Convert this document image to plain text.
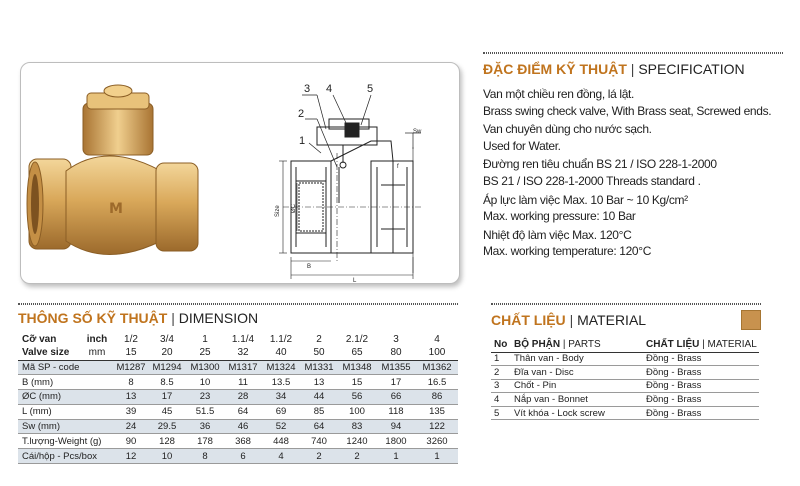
M
3 4	5
2
1
Sw
f
B
L
Size ØC
ĐẶC ĐIỂM KỸ THUẬT | SPECIFICATION
Van một chiều ren đồng, lá lật.
Brass swing check valve, With Brass seat, Screwed ends.
Van chuyên dùng cho nước sạch.
Used for Water.
Đường ren tiêu chuẩn BS 21 / ISO 228-1-2000
BS 21 / ISO 228-1-2000 Threads standard .
Áp lực làm việc Max. 10 Bar ~ 10 Kg/cm²
Max. working pressure: 10 Bar
Nhiệt độ làm việc Max. 120°C
Max. working temperature: 120°C
THÔNG SỐ KỸ THUẬT | DIMENSION
Cỡ van	inch	1/2	3/4	1	1.1/4	1.1/2	2	2.1/2	3	4
Valve size	mm	15	20	25	32	40	50	65	80	100
Mã SP - code		M1287	M1294	M1300	M1317	M1324	M1331	M1348	M1355	M1362
B (mm)		8	8.5	10	11	13.5	13	15	17	16.5
ØC (mm)		13	17	23	28	34	44	56	66	86
L (mm)		39	45	51.5	64	69	85	100	118	135
Sw (mm)		24	29.5	36	46	52	64	83	94	122
T.lượng-Weight (g)		90	128	178	368	448	740	1240	1800	3260
Cái/hộp - Pcs/box		12	10	8	6	4	2	2	1	1
CHẤT LIỆU | MATERIAL
No	BỘ PHẬN | PARTS	CHẤT LIỆU | MATERIAL
1	Thân van - Body	Đồng - Brass
2	Đĩa van - Disc	Đồng - Brass
3	Chốt - Pin	Đồng - Brass
4	Nắp van - Bonnet	Đồng - Brass
5	Vít khóa - Lock screw	Đồng - Brass
